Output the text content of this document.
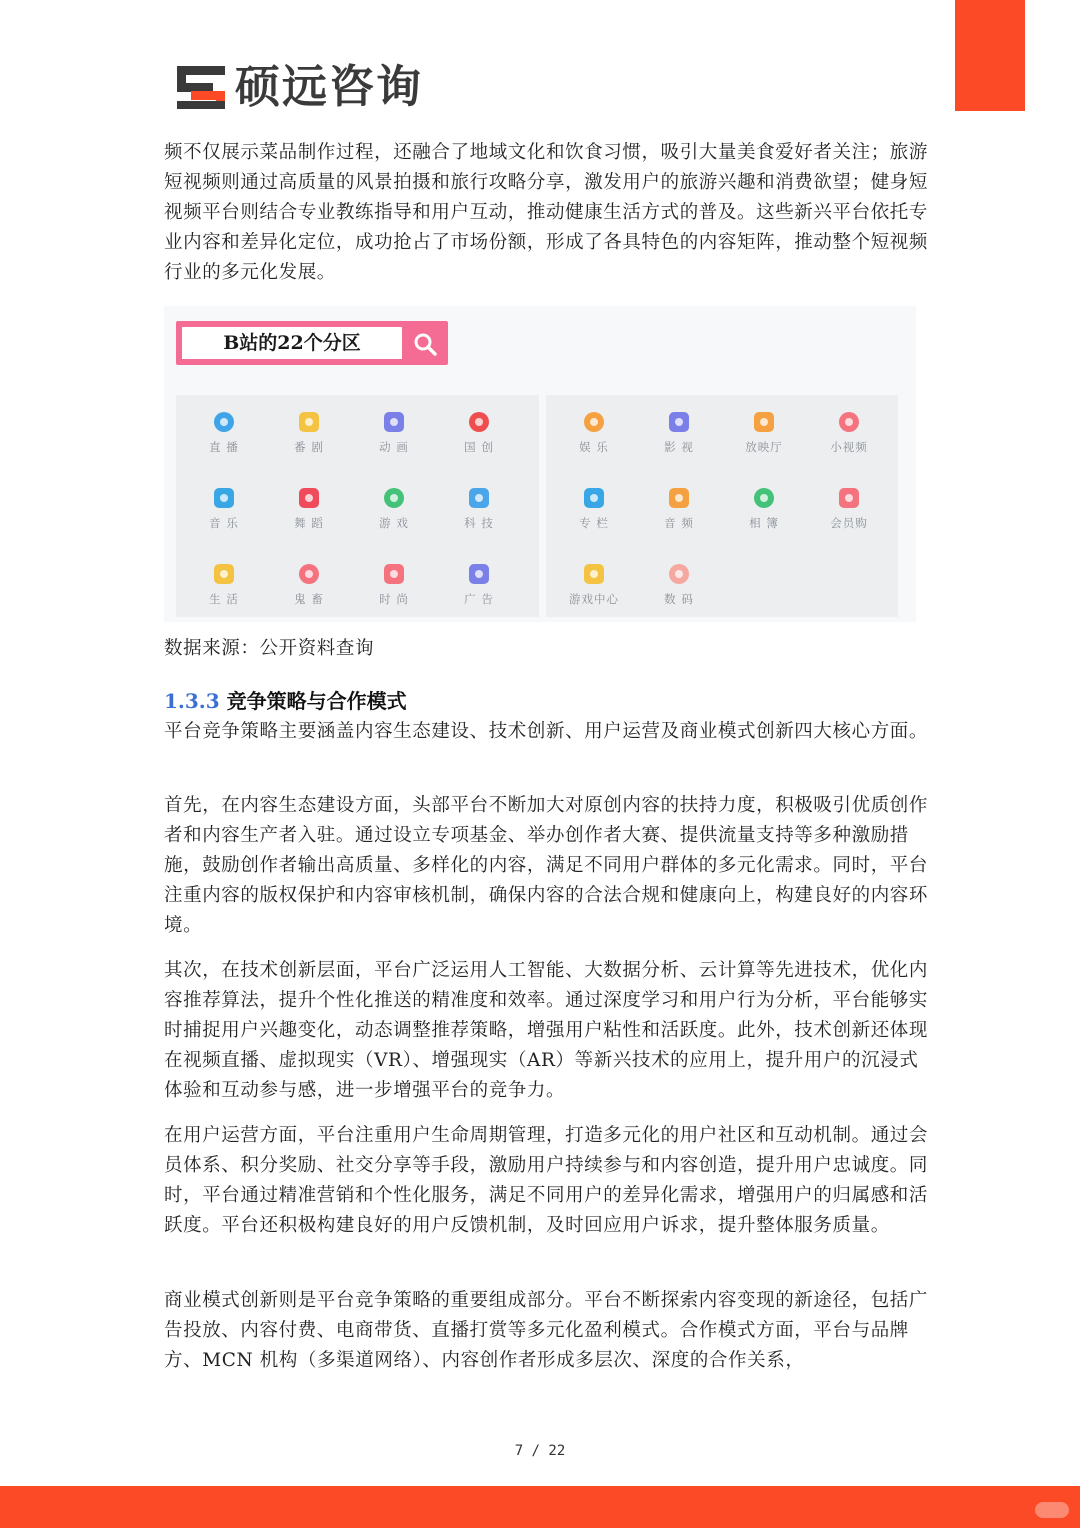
硕远咨询

频不仅展示菜品制作过程，还融合了地域文化和饮食习惯，吸引大量美食爱好者关注；旅游短视频则通过高质量的风景拍摄和旅行攻略分享，激发用户的旅游兴趣和消费欲望；健身短视频平台则结合专业教练指导和用户互动，推动健康生活方式的普及。这些新兴平台依托专业内容和差异化定位，成功抢占了市场份额，形成了各具特色的内容矩阵，推动整个短视频行业的多元化发展。

B站的22个分区
直 播	番 剧	动 画	国 创
音 乐	舞 蹈	游 戏	科 技
生 活	鬼 畜	时 尚	广 告
娱 乐	影 视	放映厅	小视频
专 栏	音 频	相 簿	会员购
游戏中心	数 码

数据来源：公开资料查询

1.3.3 竞争策略与合作模式

平台竞争策略主要涵盖内容生态建设、技术创新、用户运营及商业模式创新四大核心方面。

首先，在内容生态建设方面，头部平台不断加大对原创内容的扶持力度，积极吸引优质创作者和内容生产者入驻。通过设立专项基金、举办创作者大赛、提供流量支持等多种激励措施，鼓励创作者输出高质量、多样化的内容，满足不同用户群体的多元化需求。同时，平台注重内容的版权保护和内容审核机制，确保内容的合法合规和健康向上，构建良好的内容环境。

其次，在技术创新层面，平台广泛运用人工智能、大数据分析、云计算等先进技术，优化内容推荐算法，提升个性化推送的精准度和效率。通过深度学习和用户行为分析，平台能够实时捕捉用户兴趣变化，动态调整推荐策略，增强用户粘性和活跃度。此外，技术创新还体现在视频直播、虚拟现实（VR）、增强现实（AR）等新兴技术的应用上，提升用户的沉浸式体验和互动参与感，进一步增强平台的竞争力。

在用户运营方面，平台注重用户生命周期管理，打造多元化的用户社区和互动机制。通过会员体系、积分奖励、社交分享等手段，激励用户持续参与和内容创造，提升用户忠诚度。同时，平台通过精准营销和个性化服务，满足不同用户的差异化需求，增强用户的归属感和活跃度。平台还积极构建良好的用户反馈机制，及时回应用户诉求，提升整体服务质量。

商业模式创新则是平台竞争策略的重要组成部分。平台不断探索内容变现的新途径，包括广告投放、内容付费、电商带货、直播打赏等多元化盈利模式。合作模式方面，平台与品牌方、MCN 机构（多渠道网络）、内容创作者形成多层次、深度的合作关系，

7 / 22
